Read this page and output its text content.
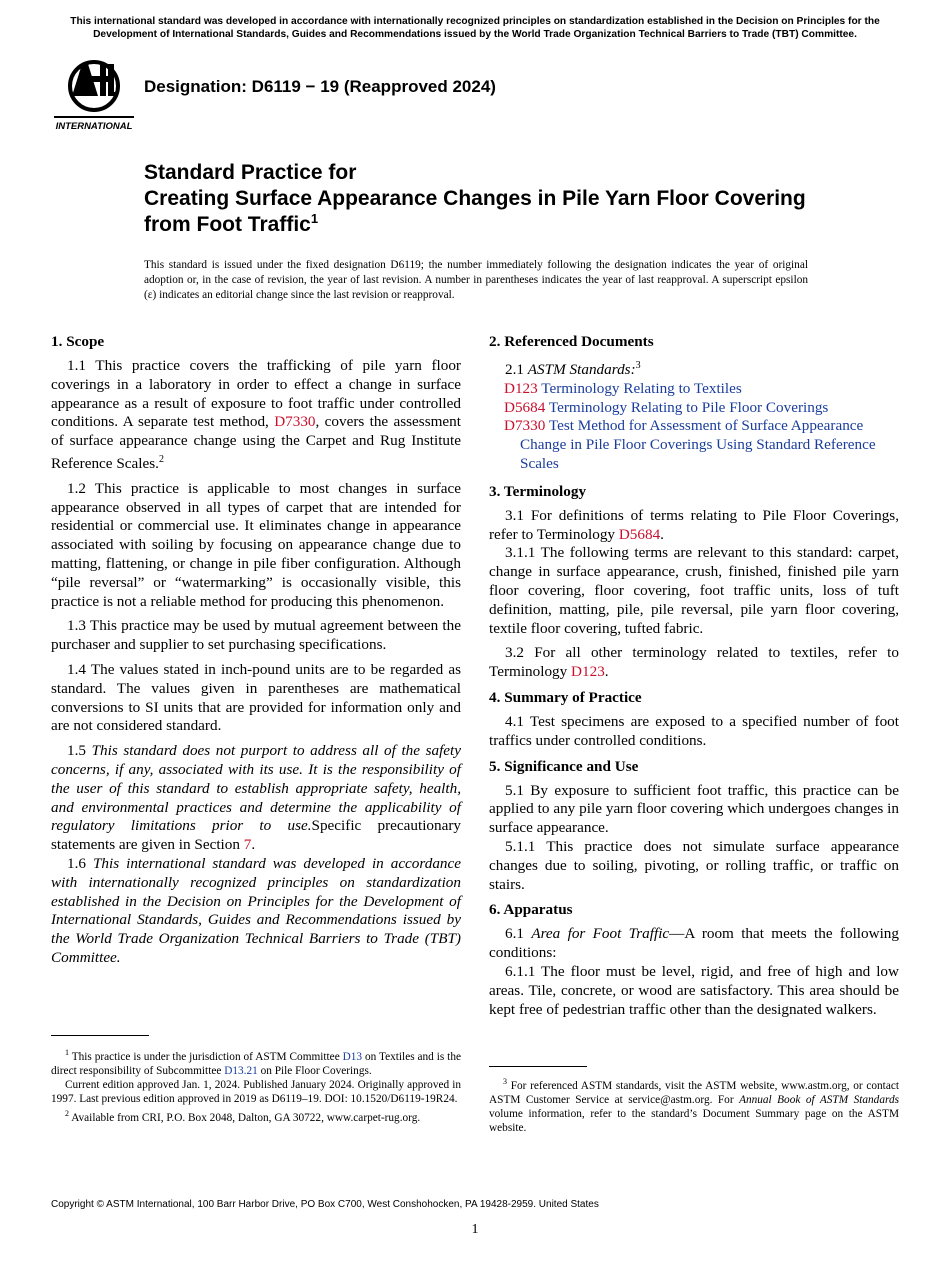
This international standard was developed in accordance with internationally recognized principles on standardization established in the Decision on Principles for the Development of International Standards, Guides and Recommendations issued by the World Trade Organization Technical Barriers to Trade (TBT) Committee.
INTERNATIONAL
Designation: D6119 − 19 (Reapproved 2024)
Standard Practice for
Creating Surface Appearance Changes in Pile Yarn Floor Covering from Foot Traffic$^1$
This standard is issued under the fixed designation D6119; the number immediately following the designation indicates the year of original adoption or, in the case of revision, the year of last revision. A number in parentheses indicates the year of last reapproval. A superscript epsilon (ε) indicates an editorial change since the last revision or reapproval.
1. Scope

1.1 This practice covers the trafficking of pile yarn floor coverings in a laboratory in order to effect a change in surface appearance as a result of exposure to foot traffic under controlled conditions. A separate test method, D7330, covers the assessment of surface appearance change using the Carpet and Rug Institute Reference Scales.$^2$

1.2 This practice is applicable to most changes in surface appearance observed in all types of carpet that are intended for residential or commercial use. It eliminates change in appearance associated with soiling by focusing on appearance change due to matting, flattening, or change in pile fiber configuration. Although “pile reversal” or “watermarking” is occasionally visible, this practice is not a reliable method for producing this phenomenon.

1.3 This practice may be used by mutual agreement between the purchaser and supplier to set purchasing specifications.

1.4 The values stated in inch-pound units are to be regarded as standard. The values given in parentheses are mathematical conversions to SI units that are provided for information only and are not considered standard.

1.5 This standard does not purport to address all of the safety concerns, if any, associated with its use. It is the responsibility of the user of this standard to establish appropriate safety, health, and environmental practices and determine the applicability of regulatory limitations prior to use.Specific precautionary statements are given in Section 7.

1.6 This international standard was developed in accordance with internationally recognized principles on standardization established in the Decision on Principles for the Development of International Standards, Guides and Recommendations issued by the World Trade Organization Technical Barriers to Trade (TBT) Committee.

2. Referenced Documents

2.1 ASTM Standards:$^3$

D123 Terminology Relating to Textiles
D5684 Terminology Relating to Pile Floor Coverings
D7330 Test Method for Assessment of Surface Appearance Change in Pile Floor Coverings Using Standard Reference Scales
3. Terminology

3.1 For definitions of terms relating to Pile Floor Coverings, refer to Terminology D5684.

3.1.1 The following terms are relevant to this standard: carpet, change in surface appearance, crush, finished, finished pile yarn floor covering, floor covering, foot traffic units, loss of tuft definition, matting, pile, pile reversal, pile yarn floor covering, textile floor covering, tufted fabric.

3.2 For all other terminology related to textiles, refer to Terminology D123.

4. Summary of Practice

4.1 Test specimens are exposed to a specified number of foot traffics under controlled conditions.

5. Significance and Use

5.1 By exposure to sufficient foot traffic, this practice can be applied to any pile yarn floor covering which undergoes changes in surface appearance.

5.1.1 This practice does not simulate surface appearance changes due to soiling, pivoting, or rolling traffic, or traffic on stairs.

6. Apparatus

6.1 Area for Foot Traffic—A room that meets the following conditions:

6.1.1 The floor must be level, rigid, and free of high and low areas. Tile, concrete, or wood are satisfactory. This area should be kept free of pedestrian traffic other than the designated walkers.

$^1$ This practice is under the jurisdiction of ASTM Committee D13 on Textiles and is the direct responsibility of Subcommittee D13.21 on Pile Floor Coverings.

Current edition approved Jan. 1, 2024. Published January 2024. Originally approved in 1997. Last previous edition approved in 2019 as D6119–19. DOI: 10.1520/D6119-19R24.

$^2$ Available from CRI, P.O. Box 2048, Dalton, GA 30722, www.carpet-rug.org.

$^3$ For referenced ASTM standards, visit the ASTM website, www.astm.org, or contact ASTM Customer Service at service@astm.org. For Annual Book of ASTM Standards volume information, refer to the standard’s Document Summary page on the ASTM website.

Copyright © ASTM International, 100 Barr Harbor Drive, PO Box C700, West Conshohocken, PA 19428-2959. United States
1
